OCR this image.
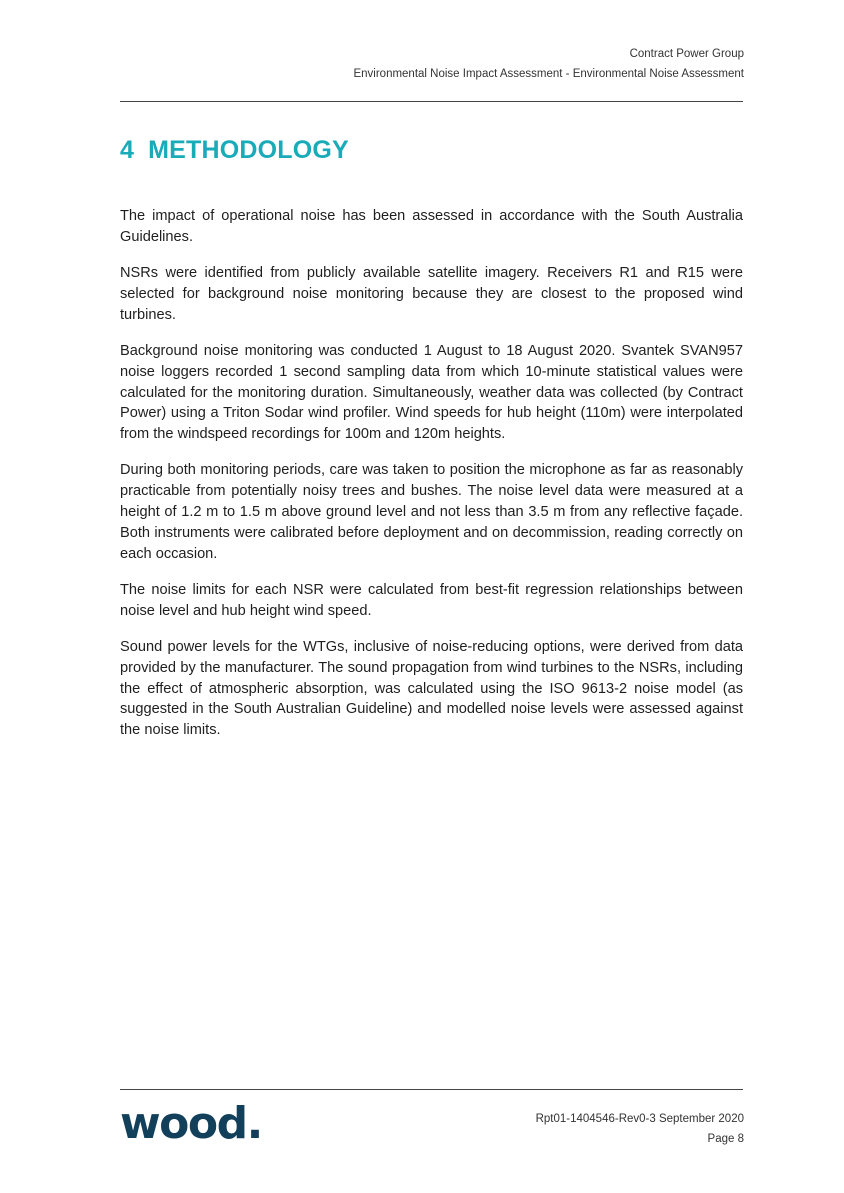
Contract Power Group
Environmental Noise Impact Assessment - Environmental Noise Assessment
4 METHODOLOGY

The impact of operational noise has been assessed in accordance with the South Australia Guidelines.

NSRs were identified from publicly available satellite imagery. Receivers R1 and R15 were selected for background noise monitoring because they are closest to the proposed wind turbines.

Background noise monitoring was conducted 1 August to 18 August 2020. Svantek SVAN957 noise loggers recorded 1 second sampling data from which 10-minute statistical values were calculated for the monitoring duration. Simultaneously, weather data was collected (by Contract Power) using a Triton Sodar wind profiler. Wind speeds for hub height (110m) were interpolated from the windspeed recordings for 100m and 120m heights.

During both monitoring periods, care was taken to position the microphone as far as reasonably practicable from potentially noisy trees and bushes. The noise level data were measured at a height of 1.2 m to 1.5 m above ground level and not less than 3.5 m from any reflective façade. Both instruments were calibrated before deployment and on decommission, reading correctly on each occasion.

The noise limits for each NSR were calculated from best-fit regression relationships between noise level and hub height wind speed.

Sound power levels for the WTGs, inclusive of noise-reducing options, were derived from data provided by the manufacturer. The sound propagation from wind turbines to the NSRs, including the effect of atmospheric absorption, was calculated using the ISO 9613-2 noise model (as suggested in the South Australian Guideline) and modelled noise levels were assessed against the noise limits.

wood.	Rpt01-1404546-Rev0-3 September 2020
Page 8
